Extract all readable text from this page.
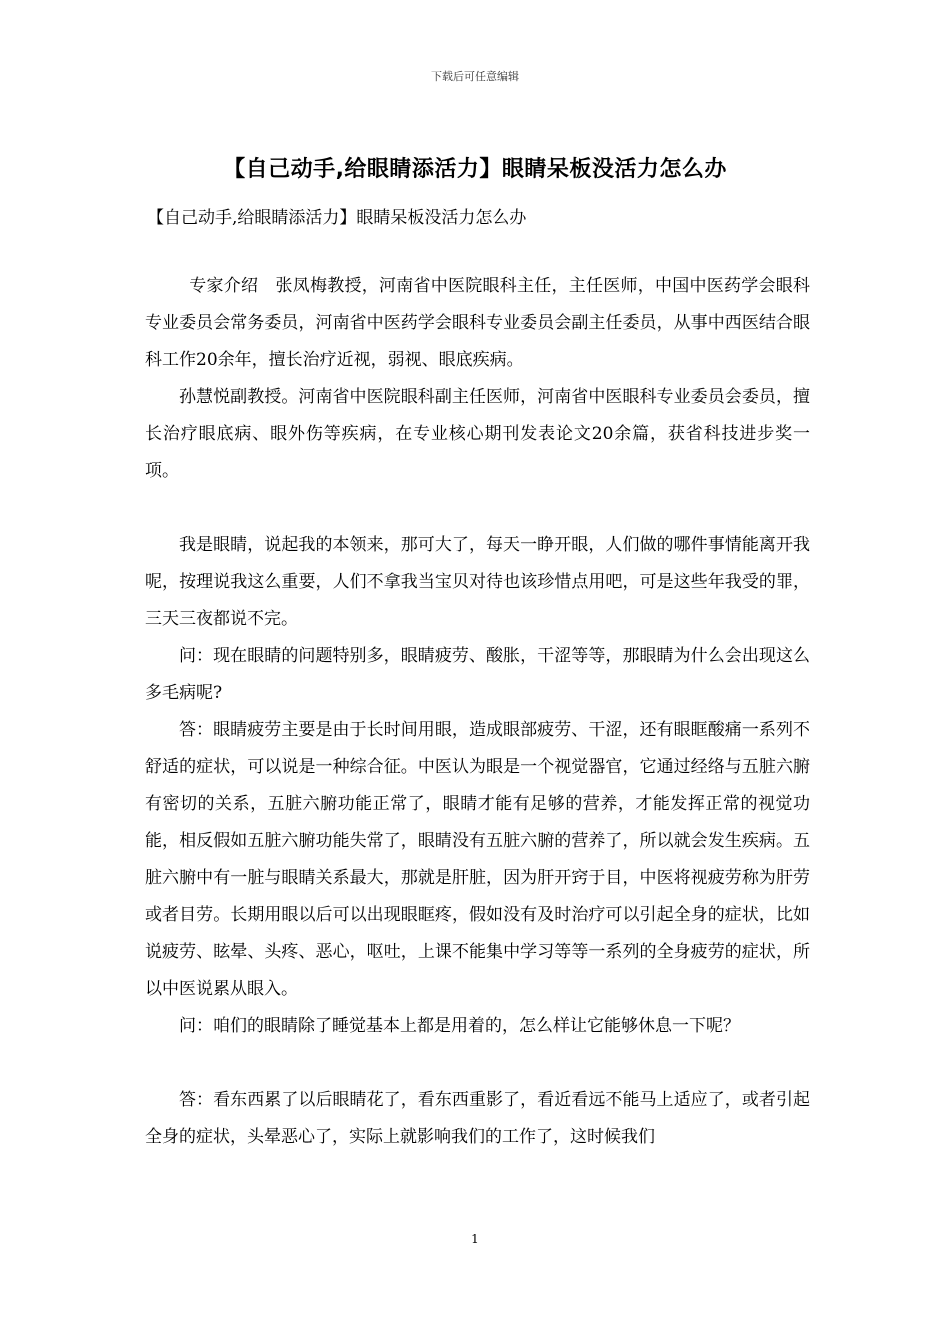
下载后可任意编辑
【自己动手,给眼睛添活力】眼睛呆板没活力怎么办
【自己动手,给眼睛添活力】眼睛呆板没活力怎么办

专家介绍　张凤梅教授，河南省中医院眼科主任，主任医师，中国中医药学会眼科专业委员会常务委员，河南省中医药学会眼科专业委员会副主任委员，从事中西医结合眼科工作20余年，擅长治疗近视，弱视、眼底疾病。

孙慧悦副教授。河南省中医院眼科副主任医师，河南省中医眼科专业委员会委员，擅长治疗眼底病、眼外伤等疾病，在专业核心期刊发表论文20余篇，获省科技进步奖一项。

我是眼睛，说起我的本领来，那可大了，每天一睁开眼，人们做的哪件事情能离开我呢，按理说我这么重要，人们不拿我当宝贝对待也该珍惜点用吧，可是这些年我受的罪，三天三夜都说不完。

问：现在眼睛的问题特别多，眼睛疲劳、酸胀，干涩等等，那眼睛为什么会出现这么多毛病呢?

答：眼睛疲劳主要是由于长时间用眼，造成眼部疲劳、干涩，还有眼眶酸痛一系列不舒适的症状，可以说是一种综合征。中医认为眼是一个视觉器官，它通过经络与五脏六腑有密切的关系，五脏六腑功能正常了，眼睛才能有足够的营养，才能发挥正常的视觉功能，相反假如五脏六腑功能失常了，眼睛没有五脏六腑的营养了，所以就会发生疾病。五脏六腑中有一脏与眼睛关系最大，那就是肝脏，因为肝开窍于目，中医将视疲劳称为肝劳或者目劳。长期用眼以后可以出现眼眶疼，假如没有及时治疗可以引起全身的症状，比如说疲劳、眩晕、头疼、恶心，呕吐，上课不能集中学习等等一系列的全身疲劳的症状，所以中医说累从眼入。

问：咱们的眼睛除了睡觉基本上都是用着的，怎么样让它能够休息一下呢？

答：看东西累了以后眼睛花了，看东西重影了，看近看远不能马上适应了，或者引起全身的症状，头晕恶心了，实际上就影响我们的工作了，这时候我们

1
